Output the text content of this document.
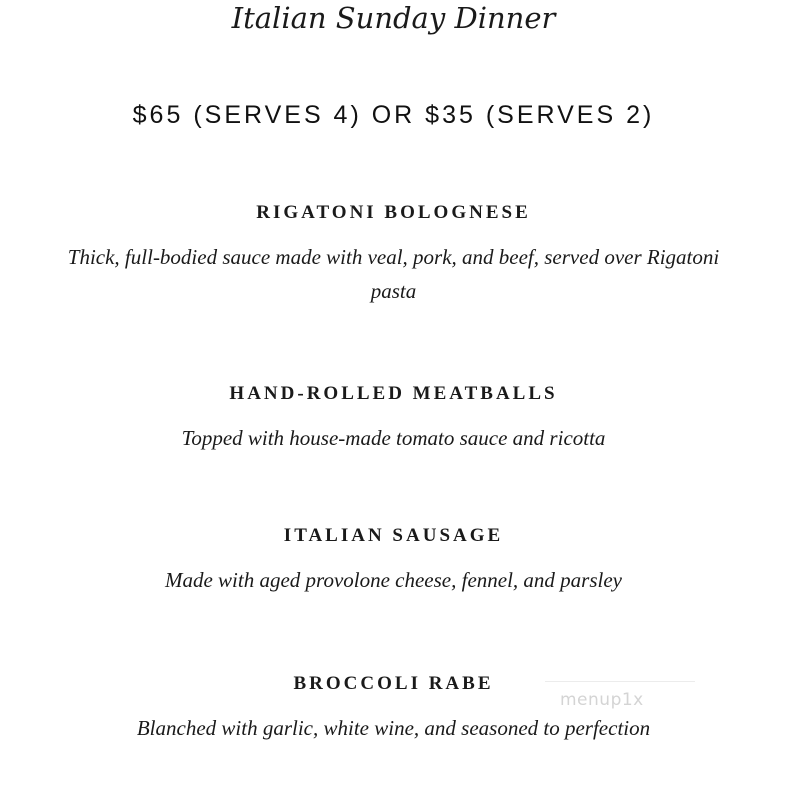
Italian Sunday Dinner
$65 (SERVES 4) OR $35 (SERVES 2)
RIGATONI BOLOGNESE
Thick, full-bodied sauce made with veal, pork, and beef, served over Rigatoni pasta
HAND-ROLLED MEATBALLS
Topped with house-made tomato sauce and ricotta
ITALIAN SAUSAGE
Made with aged provolone cheese, fennel, and parsley
BROCCOLI RABE
Blanched with garlic, white wine, and seasoned to perfection
menup1x
